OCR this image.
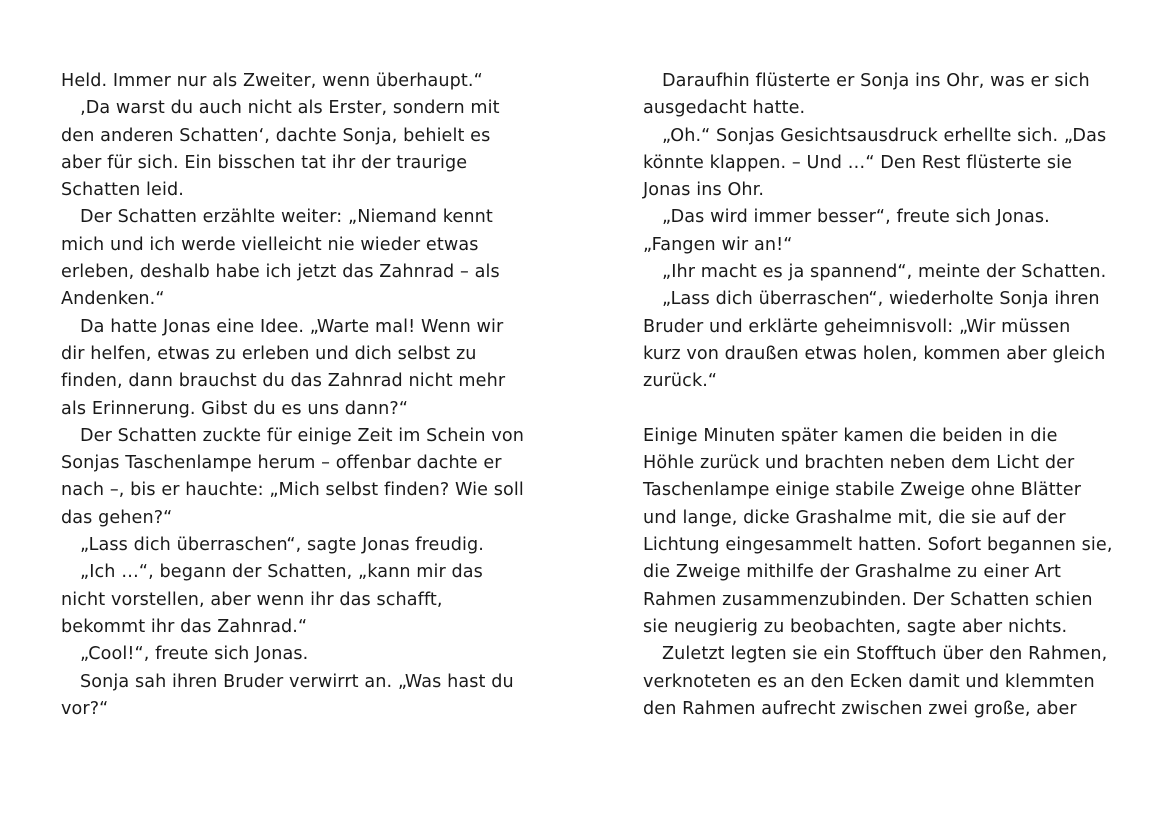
Held. Immer nur als Zweiter, wenn überhaupt.“
‚Da warst du auch nicht als Erster, sondern mit
den anderen Schatten‘, dachte Sonja, behielt es
aber für sich. Ein bisschen tat ihr der traurige
Schatten leid.
Der Schatten erzählte weiter: „Niemand kennt
mich und ich werde vielleicht nie wieder etwas
erleben, deshalb habe ich jetzt das Zahnrad – als
Andenken.“
Da hatte Jonas eine Idee. „Warte mal! Wenn wir
dir helfen, etwas zu erleben und dich selbst zu
finden, dann brauchst du das Zahnrad nicht mehr
als Erinnerung. Gibst du es uns dann?“
Der Schatten zuckte für einige Zeit im Schein von
Sonjas Taschenlampe herum – offenbar dachte er
nach –, bis er hauchte: „Mich selbst finden? Wie soll
das gehen?“
„Lass dich überraschen“, sagte Jonas freudig.
„Ich …“, begann der Schatten, „kann mir das
nicht vorstellen, aber wenn ihr das schafft,
bekommt ihr das Zahnrad.“
„Cool!“, freute sich Jonas.
Sonja sah ihren Bruder verwirrt an. „Was hast du
vor?“
Daraufhin flüsterte er Sonja ins Ohr, was er sich
ausgedacht hatte.
„Oh.“ Sonjas Gesichtsausdruck erhellte sich. „Das
könnte klappen. – Und …“ Den Rest flüsterte sie
Jonas ins Ohr.
„Das wird immer besser“, freute sich Jonas.
„Fangen wir an!“
„Ihr macht es ja spannend“, meinte der Schatten.
„Lass dich überraschen“, wiederholte Sonja ihren
Bruder und erklärte geheimnisvoll: „Wir müssen
kurz von draußen etwas holen, kommen aber gleich
zurück.“
Einige Minuten später kamen die beiden in die
Höhle zurück und brachten neben dem Licht der
Taschenlampe einige stabile Zweige ohne Blätter
und lange, dicke Grashalme mit, die sie auf der
Lichtung eingesammelt hatten. Sofort begannen sie,
die Zweige mithilfe der Grashalme zu einer Art
Rahmen zusammenzubinden. Der Schatten schien
sie neugierig zu beobachten, sagte aber nichts.
Zuletzt legten sie ein Stofftuch über den Rahmen,
verknoteten es an den Ecken damit und klemmten
den Rahmen aufrecht zwischen zwei große, aber
